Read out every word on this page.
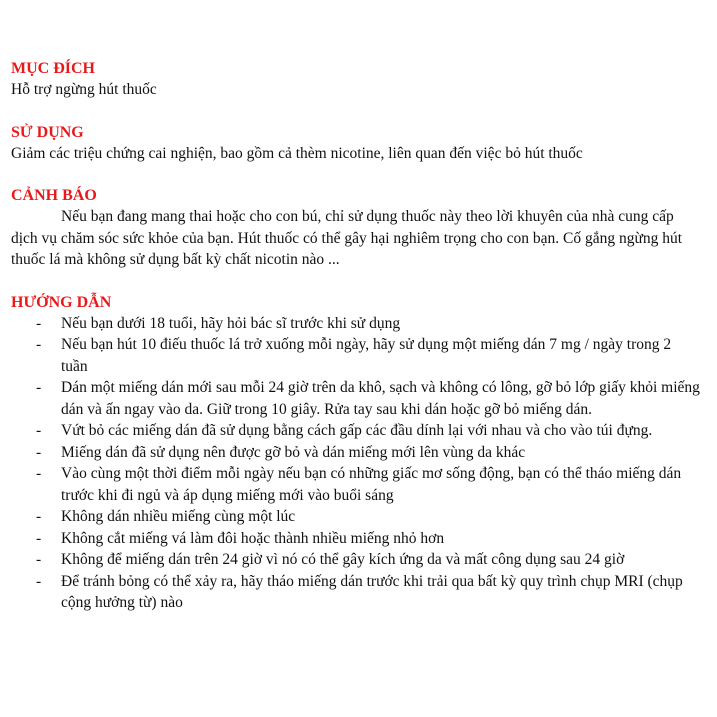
MỤC ĐÍCH
Hỗ trợ ngừng hút thuốc
SỬ DỤNG
Giảm các triệu chứng cai nghiện, bao gồm cả thèm nicotine, liên quan đến việc bỏ hút thuốc
CẢNH BÁO
Nếu bạn đang mang thai hoặc cho con bú, chỉ sử dụng thuốc này theo lời khuyên của nhà cung cấp dịch vụ chăm sóc sức khỏe của bạn. Hút thuốc có thể gây hại nghiêm trọng cho con bạn. Cố gắng ngừng hút thuốc lá mà không sử dụng bất kỳ chất nicotin nào ...
HƯỚNG DẪN
- Nếu bạn dưới 18 tuổi, hãy hỏi bác sĩ trước khi sử dụng
- Nếu bạn hút 10 điếu thuốc lá trở xuống mỗi ngày, hãy sử dụng một miếng dán 7 mg / ngày trong 2 tuần
- Dán một miếng dán mới sau mỗi 24 giờ trên da khô, sạch và không có lông, gỡ bỏ lớp giấy khỏi miếng dán và ấn ngay vào da. Giữ trong 10 giây. Rửa tay sau khi dán hoặc gỡ bỏ miếng dán.
- Vứt bỏ các miếng dán đã sử dụng bằng cách gấp các đầu dính lại với nhau và cho vào túi đựng.
- Miếng dán đã sử dụng nên được gỡ bỏ và dán miếng mới lên vùng da khác
- Vào cùng một thời điểm mỗi ngày nếu bạn có những giấc mơ sống động, bạn có thể tháo miếng dán trước khi đi ngủ và áp dụng miếng mới vào buổi sáng
- Không dán nhiều miếng cùng một lúc
- Không cắt miếng vá làm đôi hoặc thành nhiều miếng nhỏ hơn
- Không để miếng dán trên 24 giờ vì nó có thể gây kích ứng da và mất công dụng sau 24 giờ
- Để tránh bỏng có thể xảy ra, hãy tháo miếng dán trước khi trải qua bất kỳ quy trình chụp MRI (chụp cộng hưởng từ) nào
